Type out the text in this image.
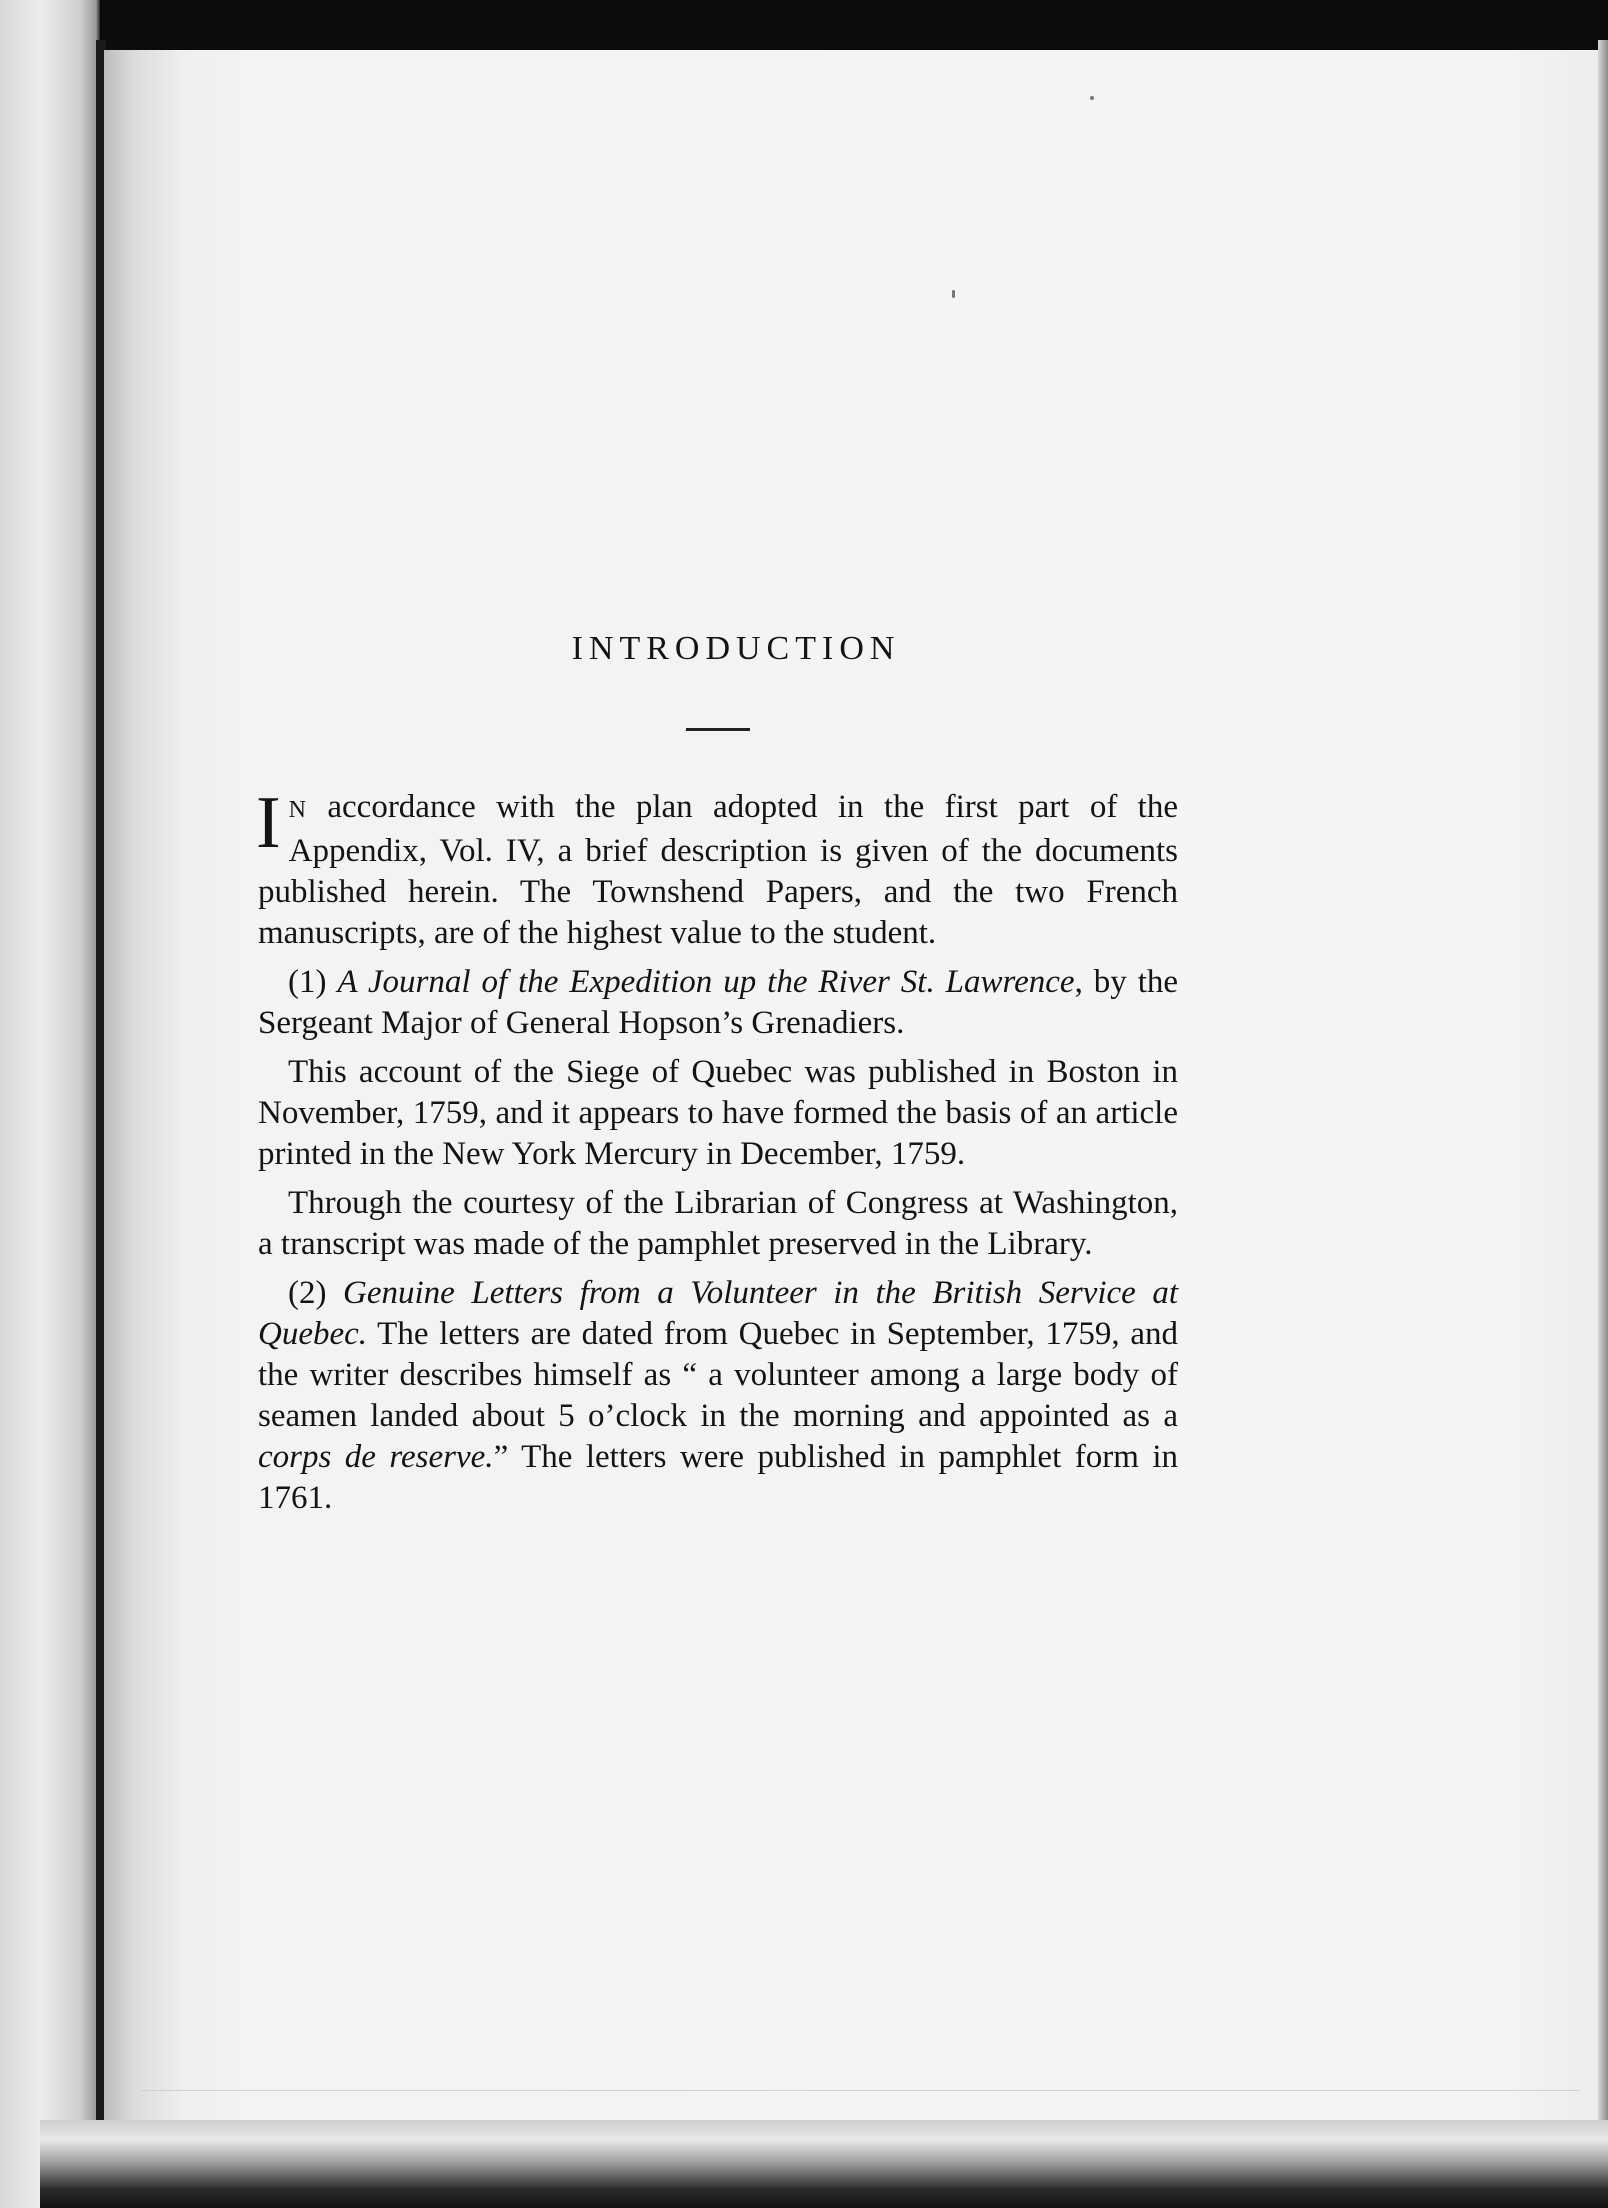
INTRODUCTION

I N accordance with the plan adopted in the first part of the Appendix, Vol. IV, a brief description is given of the documents published herein. The Townshend Papers, and the two French manuscripts, are of the highest value to the student.

(1) A Journal of the Expedition up the River St. Lawrence, by the Sergeant Major of General Hopson’s Grenadiers.

This account of the Siege of Quebec was published in Boston in November, 1759, and it appears to have formed the basis of an article printed in the New York Mercury in December, 1759.

Through the courtesy of the Librarian of Congress at Washington, a transcript was made of the pamphlet preserved in the Library.

(2) Genuine Letters from a Volunteer in the British Service at Quebec. The letters are dated from Quebec in September, 1759, and the writer describes himself as “ a volunteer among a large body of seamen landed about 5 o’clock in the morning and appointed as a corps de reserve.” The letters were published in pamphlet form in 1761.
